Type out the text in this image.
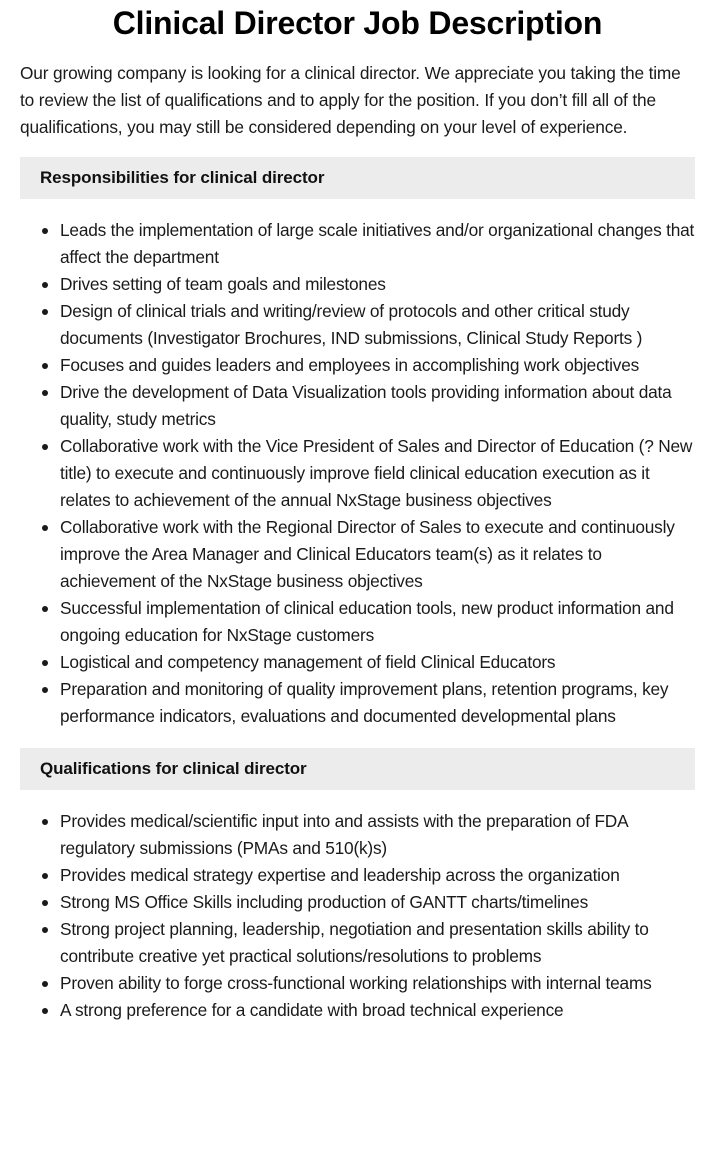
Clinical Director Job Description

Our growing company is looking for a clinical director. We appreciate you taking the time to review the list of qualifications and to apply for the position. If you don’t fill all of the qualifications, you may still be considered depending on your level of experience.

Responsibilities for clinical director
Leads the implementation of large scale initiatives and/or organizational changes that affect the department
Drives setting of team goals and milestones
Design of clinical trials and writing/review of protocols and other critical study documents (Investigator Brochures, IND submissions, Clinical Study Reports )
Focuses and guides leaders and employees in accomplishing work objectives
Drive the development of Data Visualization tools providing information about data quality, study metrics
Collaborative work with the Vice President of Sales and Director of Education (? New title) to execute and continuously improve field clinical education execution as it relates to achievement of the annual NxStage business objectives
Collaborative work with the Regional Director of Sales to execute and continuously improve the Area Manager and Clinical Educators team(s) as it relates to achievement of the NxStage business objectives
Successful implementation of clinical education tools, new product information and ongoing education for NxStage customers
Logistical and competency management of field Clinical Educators
Preparation and monitoring of quality improvement plans, retention programs, key performance indicators, evaluations and documented developmental plans
Qualifications for clinical director
Provides medical/scientific input into and assists with the preparation of FDA regulatory submissions (PMAs and 510(k)s)
Provides medical strategy expertise and leadership across the organization
Strong MS Office Skills including production of GANTT charts/timelines
Strong project planning, leadership, negotiation and presentation skills ability to contribute creative yet practical solutions/resolutions to problems
Proven ability to forge cross-functional working relationships with internal teams
A strong preference for a candidate with broad technical experience
